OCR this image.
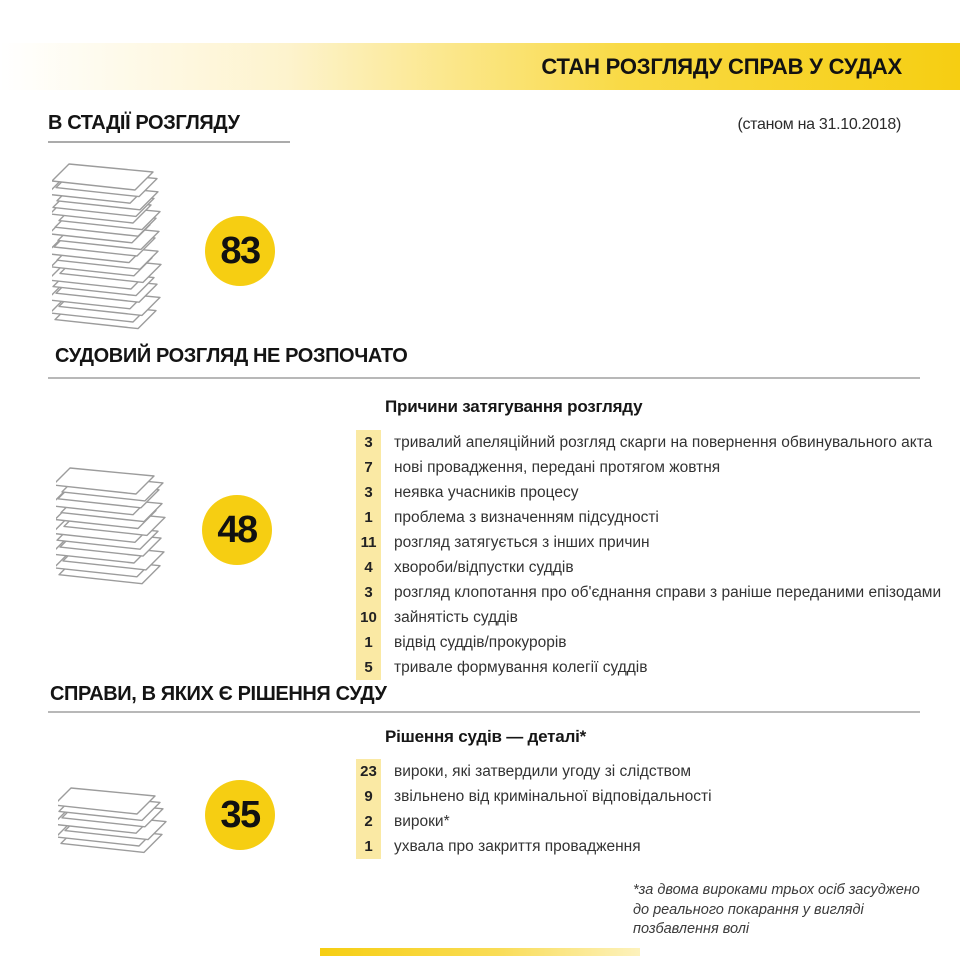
СТАН РОЗГЛЯДУ СПРАВ У СУДАХ
В СТАДІЇ РОЗГЛЯДУ	(станом на 31.10.2018)
83
СУДОВИЙ РОЗГЛЯД НЕ РОЗПОЧАТО
Причини затягування розгляду
48
3	тривалий апеляційний розгляд скарги на повернення обвинувального акта
7	нові провадження, передані протягом жовтня
3	неявка учасників процесу
1	проблема з визначенням підсудності
11	розгляд затягується з інших причин
4	хвороби/відпустки суддів
3	розгляд клопотання про об'єднання справи з раніше переданими епізодами
10	зайнятість суддів
1	відвід суддів/прокурорів
5	тривале формування колегії суддів
СПРАВИ, В ЯКИХ Є РІШЕННЯ СУДУ
Рішення судів — деталі*
35
23	вироки, які затвердили угоду зі слідством
9	звільнено від кримінальної відповідальності
2	вироки*
1	ухвала про закриття провадження
*за двома вироками трьох осіб засуджено до реального покарання у вигляді позбавлення волі
